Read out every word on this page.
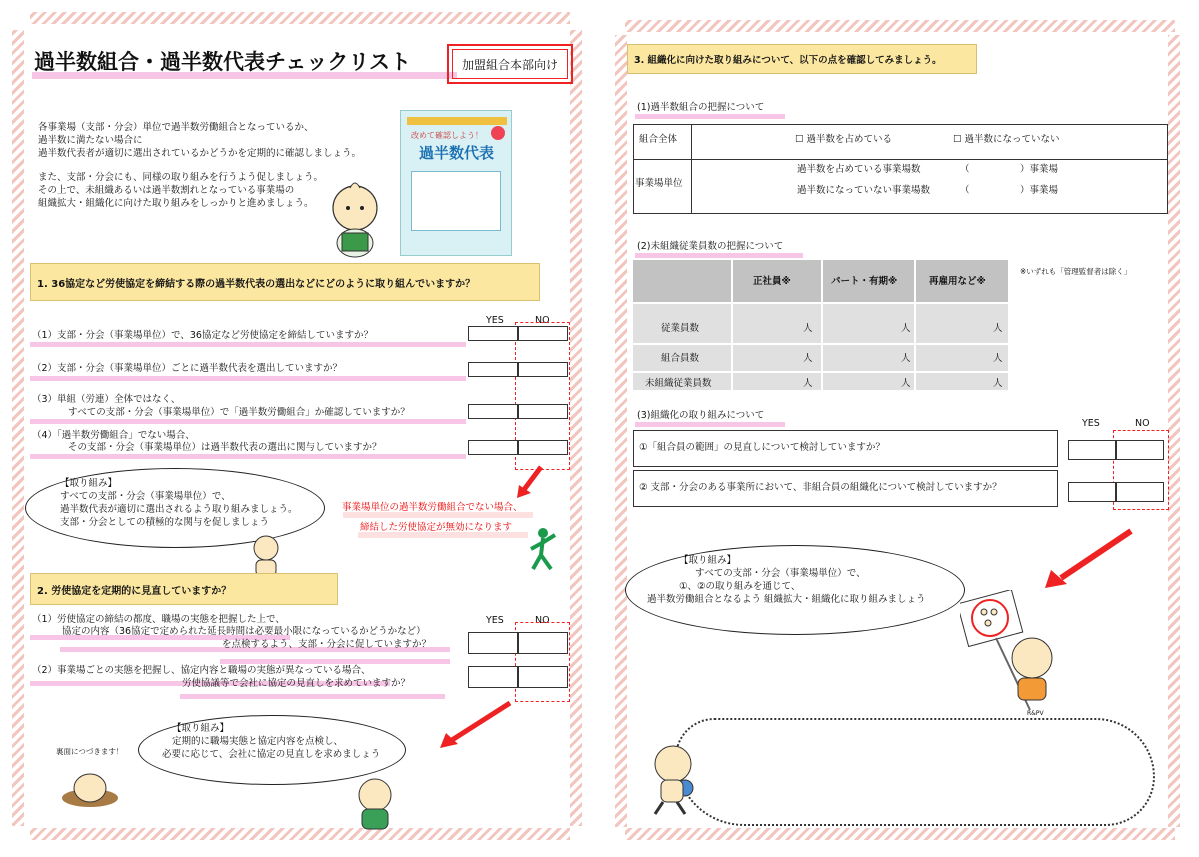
過半数組合・過半数代表チェックリスト	加盟組合本部向け
各事業場（支部・分会）単位で過半数労働組合となっているか、
過半数に満たない場合に
過半数代表者が適切に選出されているかどうかを定期的に確認しましょう。
また、支部・分会にも、同様の取り組みを行うよう促しましょう。
その上で、未組織あるいは過半数割れとなっている事業場の
組織拡大・組織化に向けた取り組みをしっかりと進めましょう。
改めて確認しよう！
過半数代表
1. 36協定など労使協定を締結する際の過半数代表の選出などにどのように取り組んでいますか？
YES	NO
（1）支部・分会（事業場単位）で、36協定など労使協定を締結していますか？
（2）支部・分会（事業場単位）ごとに過半数代表を選出していますか？
（3）単組（労連）全体ではなく、
すべての支部・分会（事業場単位）で「過半数労働組合」か確認していますか？
（4）「過半数労働組合」でない場合、
その支部・分会（事業場単位）は過半数代表の選出に関与していますか？
【取り組み】
すべての支部・分会（事業場単位）で、
過半数代表が適切に選出されるよう取り組みましょう。
支部・分会としての積極的な関与を促しましょう
事業場単位の過半数労働組合でない場合、
締結した労使協定が無効になります
2. 労使協定を定期的に見直していますか？
YES	NO
（1）労使協定の締結の都度、職場の実態を把握した上で、
協定の内容（36協定で定められた延長時間は必要最小限になっているかどうかなど）
を点検するよう、支部・分会に促していますか？
（2）事業場ごとの実態を把握し、協定内容と職場の実態が異なっている場合、
労使協議等で会社に協定の見直しを求めていますか？
【取り組み】
定期的に職場実態と協定内容を点検し、
必要に応じて、会社に協定の見直しを求めましょう
裏面につづきます！
3. 組織化に向けた取り組みについて、以下の点を確認してみましょう。
(1)過半数組合の把握について
組合全体	☐ 過半数を占めている	☐ 過半数になっていない
事業場単位
過半数を占めている事業場数	（	）事業場
過半数になっていない事業場数	（	）事業場
(2)未組織従業員数の把握について
※いずれも「管理監督者は除く」
正社員※	パート・有期※	再雇用など※
従業員数	人	人	人
組合員数	人	人	人
未組織従業員数	人	人	人
(3)組織化の取り組みについて
YES	NO
①「組合員の範囲」の見直しについて検討していますか？
② 支部・分会のある事業所において、非組合員の組織化について検討していますか？
【取り組み】
すべての支部・分会（事業場単位）で、
①、②の取り組みを通じて、
過半数労働組合となるよう 組織拡大・組織化に取り組みましょう
R&PV
